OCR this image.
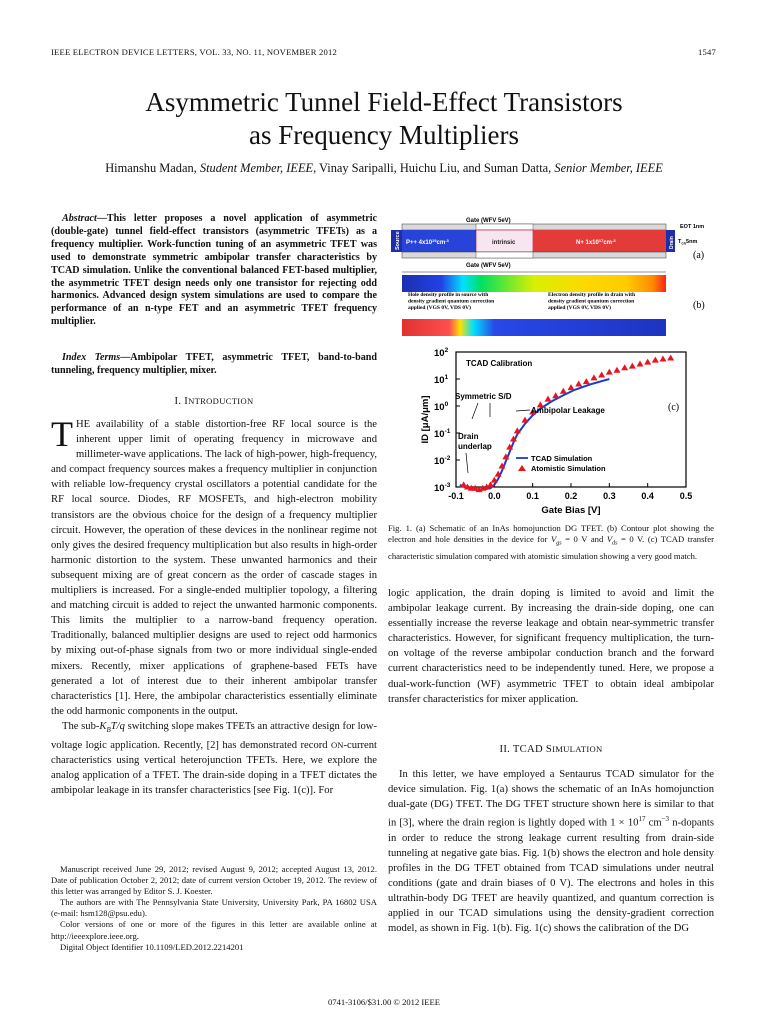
IEEE ELECTRON DEVICE LETTERS, VOL. 33, NO. 11, NOVEMBER 2012	1547
Asymmetric Tunnel Field-Effect Transistors
as Frequency Multipliers
Himanshu Madan, Student Member, IEEE, Vinay Saripalli, Huichu Liu, and Suman Datta, Senior Member, IEEE
Abstract—This letter proposes a novel application of asymmetric (double-gate) tunnel field-effect transistors (asymmetric TFETs) as a frequency multiplier. Work-function tuning of an asymmetric TFET was used to demonstrate symmetric ambipolar transfer characteristics by TCAD simulation. Unlike the conventional balanced FET-based multiplier, the asymmetric TFET design needs only one transistor for rejecting odd harmonics. Advanced design system simulations are used to compare the performance of an n-type FET and an asymmetric TFET frequency multiplier.
Index Terms—Ambipolar TFET, asymmetric TFET, band-to-band tunneling, frequency multiplier, mixer.
I. INTRODUCTION
T HE availability of a stable distortion-free RF local source is the inherent upper limit of operating frequency in microwave and millimeter-wave applications. The lack of high-power, high-frequency, and compact frequency sources makes a frequency multiplier in conjunction with reliable low-frequency crystal oscillators a potential candidate for the RF local source. Diodes, RF MOSFETs, and high-electron mobility transistors are the obvious choice for the design of a frequency multiplier circuit. However, the operation of these devices in the nonlinear regime not only gives the desired frequency multiplication but also results in high-order harmonic distortion to the system. These unwanted harmonics and their subsequent mixing are of great concern as the order of cascade stages in multipliers is increased. For a single-ended multiplier topology, a filtering and matching circuit is added to reject the unwanted harmonic components. This limits the multiplier to a narrow-band frequency operation. Traditionally, balanced multiplier designs are used to reject odd harmonics by mixing out-of-phase signals from two or more individual single-ended mixers. Recently, mixer applications of graphene-based FETs have generated a lot of interest due to their inherent ambipolar transfer characteristics [1]. Here, the ambipolar characteristics essentially eliminate the odd harmonic components in the output.

The sub-$K_BT/q$ switching slope makes TFETs an attractive design for low-voltage logic application. Recently, [2] has demonstrated record ON-current characteristics using vertical heterojunction TFETs. Here, we explore the analog application of a TFET. The drain-side doping in a TFET dictates the ambipolar leakage in its transfer characteristics [see Fig. 1(c)]. For

Manuscript received June 29, 2012; revised August 9, 2012; accepted August 13, 2012. Date of publication October 2, 2012; date of current version October 19, 2012. The review of this letter was arranged by Editor S. J. Koester.

The authors are with The Pennsylvania State University, University Park, PA 16802 USA (e-mail: hsm128@psu.edu).

Color versions of one or more of the figures in this letter are available online at http://ieeexplore.ieee.org.

Digital Object Identifier 10.1109/LED.2012.2214201

Gate (WFV 5eV)
Source $P++ 4x10^{19}cm^{-3}$	intrinsic	$N+ 1x10^{17}cm^{-3}$	Drain
Gate (WFV 5eV)
EOT 1nm
$T_{ch}5nm$
(a)
Hole density profile in source with density gradient quantum correction applied (VGS 0V, VDS 0V)
Electron density profile in drain with density gradient quantum correction applied (VGS 0V, VDS 0V)	(b)
$10^2$
$10^1$
$10^0$
$10^{-1}$
$10^{-2}$
$10^{-3}$
-0.1	0.0	0.1	0.2	0.3	0.4	0.5
ID [μA/μm]
Gate Bias [V]
TCAD Calibration
Symmetric S/D
Ambipolar Leakage
Drain
underlap
TCAD Simulation
Atomistic Simulation
(c)
Fig. 1. (a) Schematic of an InAs homojunction DG TFET. (b) Contour plot showing the electron and hole densities in the device for $V_{gs} = 0$ V and $V_{ds} = 0$ V. (c) TCAD transfer characteristic simulation compared with atomistic simulation showing a very good match.

logic application, the drain doping is limited to avoid and limit the ambipolar leakage current. By increasing the drain-side doping, one can essentially increase the reverse leakage and obtain near-symmetric transfer characteristics. However, for significant frequency multiplication, the turn-on voltage of the reverse ambipolar conduction branch and the forward current characteristics need to be independently tuned. Here, we propose a dual-work-function (WF) asymmetric TFET to obtain ideal ambipolar transfer characteristics for mixer application.

II. TCAD SIMULATION

In this letter, we have employed a Sentaurus TCAD simulator for the device simulation. Fig. 1(a) shows the schematic of an InAs homojunction dual-gate (DG) TFET. The DG TFET structure shown here is similar to that in [3], where the drain region is lightly doped with $1 \times 10^{17}$ $cm^{-3}$ n-dopants in order to reduce the strong leakage current resulting from drain-side tunneling at negative gate bias. Fig. 1(b) shows the electron and hole density profiles in the DG TFET obtained from TCAD simulations under neutral conditions (gate and drain biases of 0 V). The electrons and holes in this ultrathin-body DG TFET are heavily quantized, and quantum correction is applied in our TCAD simulations using the density-gradient correction model, as shown in Fig. 1(b). Fig. 1(c) shows the calibration of the DG

0741-3106/$31.00 © 2012 IEEE
